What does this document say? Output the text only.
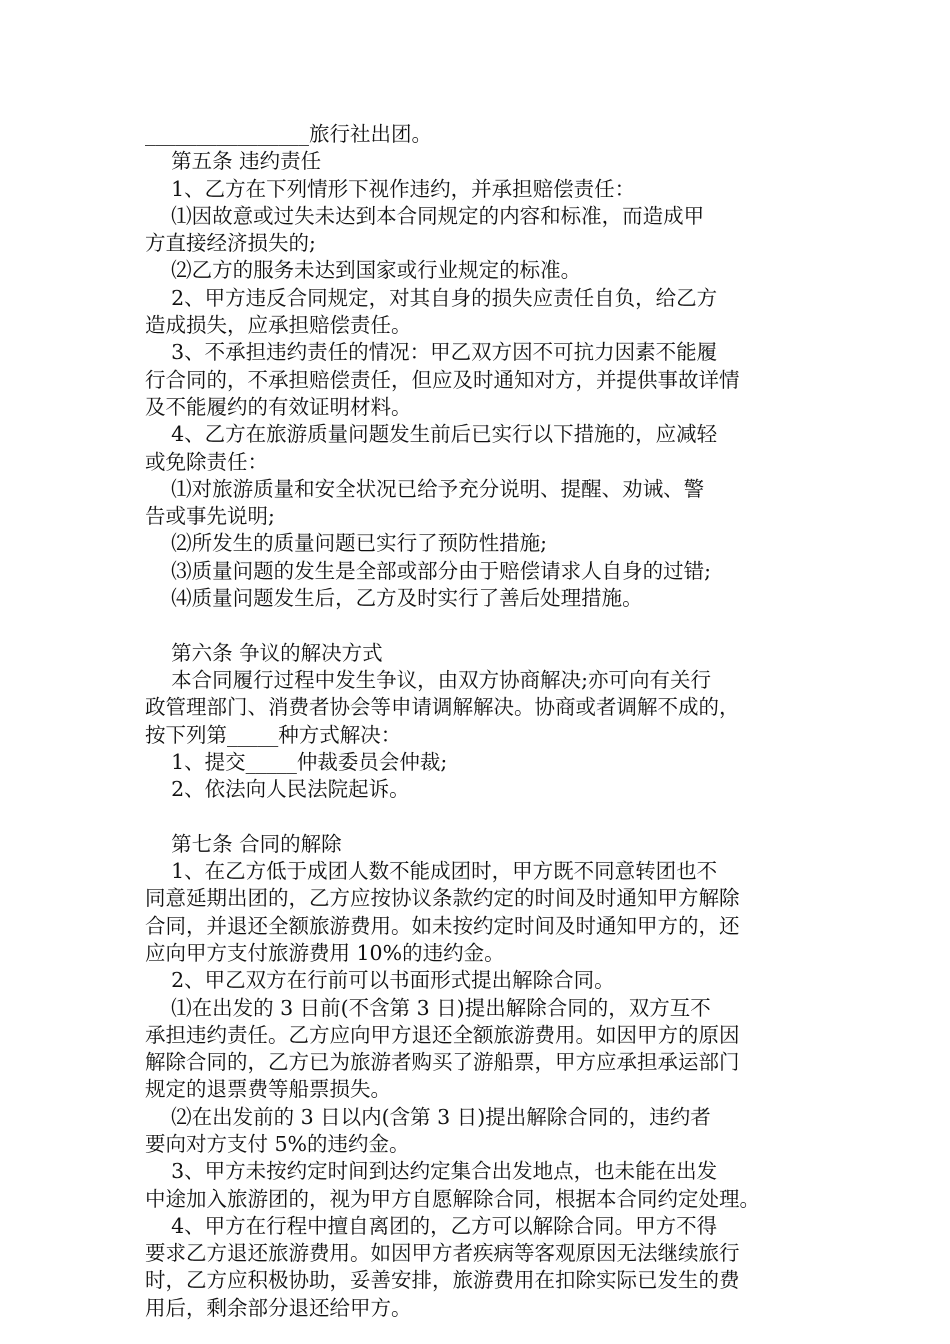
________________旅行社出团。
第五条 违约责任
1、乙方在下列情形下视作违约，并承担赔偿责任：
⑴因故意或过失未达到本合同规定的内容和标准，而造成甲
方直接经济损失的;
⑵乙方的服务未达到国家或行业规定的标准。
2、甲方违反合同规定，对其自身的损失应责任自负，给乙方
造成损失，应承担赔偿责任。
3、不承担违约责任的情况：甲乙双方因不可抗力因素不能履
行合同的，不承担赔偿责任，但应及时通知对方，并提供事故详情
及不能履约的有效证明材料。
4、乙方在旅游质量问题发生前后已实行以下措施的，应减轻
或免除责任：
⑴对旅游质量和安全状况已给予充分说明、提醒、劝诫、警
告或事先说明;
⑵所发生的质量问题已实行了预防性措施;
⑶质量问题的发生是全部或部分由于赔偿请求人自身的过错;
⑷质量问题发生后，乙方及时实行了善后处理措施。
第六条 争议的解决方式
本合同履行过程中发生争议，由双方协商解决;亦可向有关行
政管理部门、消费者协会等申请调解解决。协商或者调解不成的，
按下列第_____种方式解决：
1、提交_____仲裁委员会仲裁;
2、依法向人民法院起诉。
第七条 合同的解除
1、在乙方低于成团人数不能成团时，甲方既不同意转团也不
同意延期出团的，乙方应按协议条款约定的时间及时通知甲方解除
合同，并退还全额旅游费用。如未按约定时间及时通知甲方的，还
应向甲方支付旅游费用 10%的违约金。
2、甲乙双方在行前可以书面形式提出解除合同。
⑴在出发的 3 日前(不含第 3 日)提出解除合同的，双方互不
承担违约责任。乙方应向甲方退还全额旅游费用。如因甲方的原因
解除合同的，乙方已为旅游者购买了游船票，甲方应承担承运部门
规定的退票费等船票损失。
⑵在出发前的 3 日以内(含第 3 日)提出解除合同的，违约者
要向对方支付 5%的违约金。
3、甲方未按约定时间到达约定集合出发地点，也未能在出发
中途加入旅游团的，视为甲方自愿解除合同，根据本合同约定处理。
4、甲方在行程中擅自离团的，乙方可以解除合同。甲方不得
要求乙方退还旅游费用。如因甲方者疾病等客观原因无法继续旅行
时，乙方应积极协助，妥善安排，旅游费用在扣除实际已发生的费
用后，剩余部分退还给甲方。
